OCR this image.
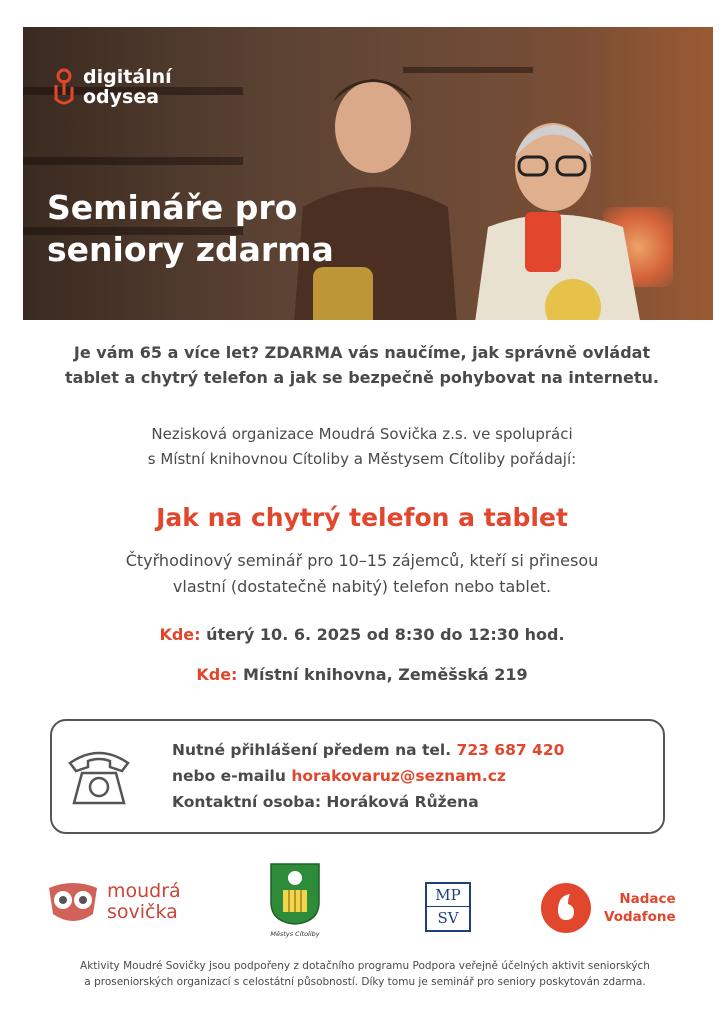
digitální
odysea
Semináře pro
seniory zdarma
Je vám 65 a více let? ZDARMA vás naučíme, jak správně ovládat
tablet a chytrý telefon a jak se bezpečně pohybovat na internetu.
Nezisková organizace Moudrá Sovička z.s. ve spolupráci
s Místní knihovnou Cítoliby a Městysem Cítoliby pořádají:
Jak na chytrý telefon a tablet
Čtyřhodinový seminář pro 10–15 zájemců, kteří si přinesou
vlastní (dostatečně nabitý) telefon nebo tablet.
Kde: úterý 10. 6. 2025 od 8:30 do 12:30 hod.
Kde: Místní knihovna, Zeměšská 219
Nutné přihlášení předem na tel. 723 687 420
nebo e-mailu horakovaruz@seznam.cz
Kontaktní osoba: Horáková Růžena
moudrá
sovička
Městys Cítoliby
MP
SV
Nadace
Vodafone
Aktivity Moudré Sovičky jsou podpořeny z dotačního programu Podpora veřejně účelných aktivit seniorských
a proseniorských organizací s celostátní působností. Díky tomu je seminář pro seniory poskytován zdarma.
